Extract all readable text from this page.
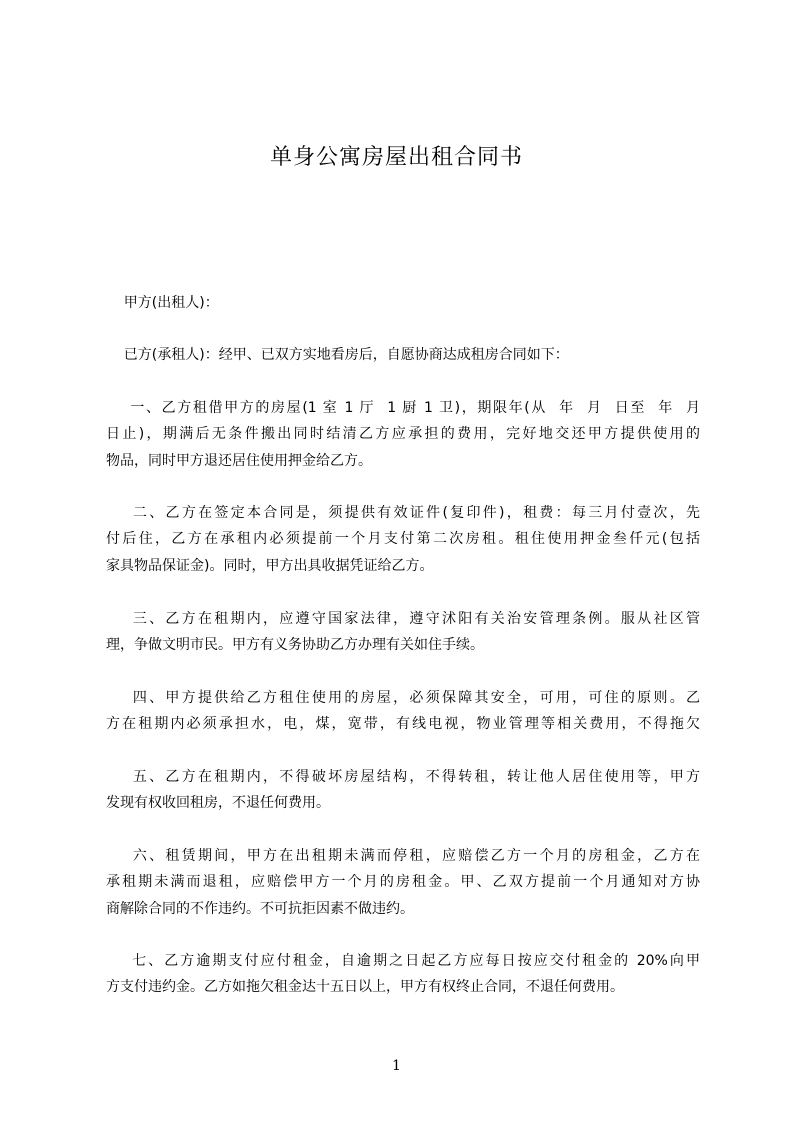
单身公寓房屋出租合同书
甲方(出租人)：
已方(承租人)：经甲、已双方实地看房后，自愿协商达成租房合同如下：
一、乙方租借甲方的房屋(1 室 1 厅  1 厨 1 卫)，期限年(从  年  月  日至  年  月
日止)，期满后无条件搬出同时结清乙方应承担的费用，完好地交还甲方提供使用的
物品，同时甲方退还居住使用押金给乙方。
二、乙方在签定本合同是，须提供有效证件(复印件)，租费：每三月付壹次，先
付后住，乙方在承租内必须提前一个月支付第二次房租。租住使用押金叁仟元(包括
家具物品保证金)。同时，甲方出具收据凭证给乙方。
三、乙方在租期内，应遵守国家法律，遵守沭阳有关治安管理条例。服从社区管
理，争做文明市民。甲方有义务协助乙方办理有关如住手续。
四、甲方提供给乙方租住使用的房屋，必须保障其安全，可用，可住的原则。乙
方在租期内必须承担水，电，煤，宽带，有线电视，物业管理等相关费用，不得拖欠
五、乙方在租期内，不得破坏房屋结构，不得转租，转让他人居住使用等，甲方
发现有权收回租房，不退任何费用。
六、租赁期间，甲方在出租期未满而停租，应赔偿乙方一个月的房租金，乙方在
承租期未满而退租，应赔偿甲方一个月的房租金。甲、乙双方提前一个月通知对方协
商解除合同的不作违约。不可抗拒因素不做违约。
七、乙方逾期支付应付租金，自逾期之日起乙方应每日按应交付租金的 20%向甲
方支付违约金。乙方如拖欠租金达十五日以上，甲方有权终止合同，不退任何费用。
1
